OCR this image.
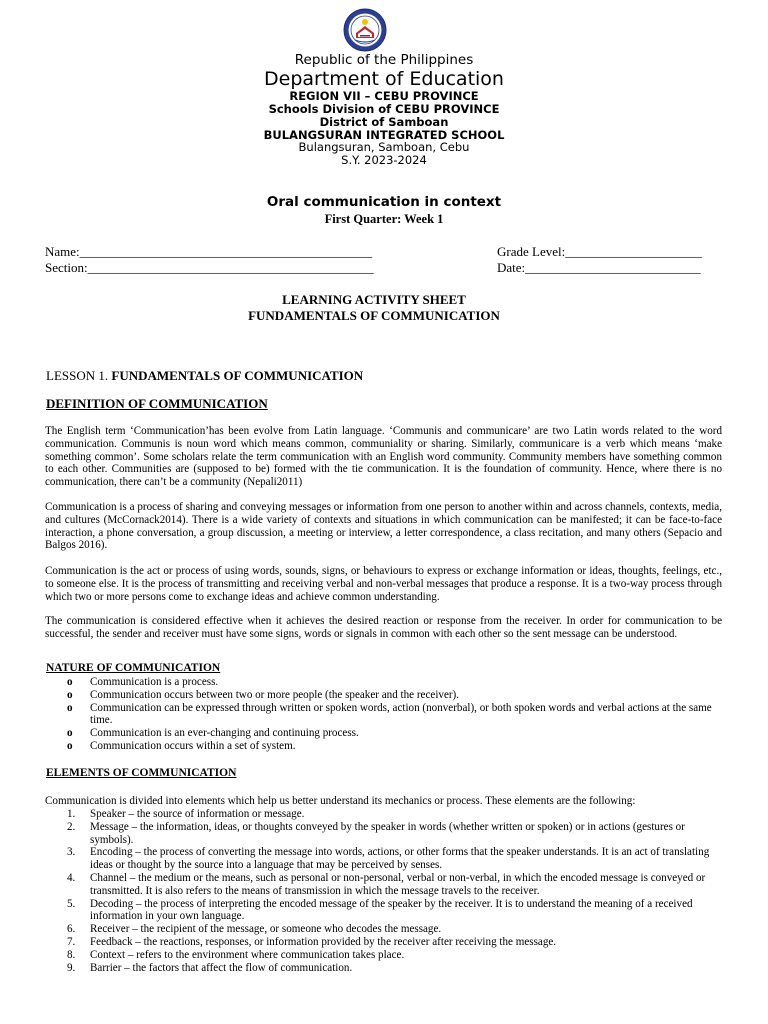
Republic of the Philippines
Department of Education
REGION VII – CEBU PROVINCE
Schools Division of CEBU PROVINCE
District of Samboan
BULANGSURAN INTEGRATED SCHOOL
Bulangsuran, Samboan, Cebu
S.Y. 2023-2024
Oral communication in context
First Quarter: Week 1
Name:_____________________________________________
Section:____________________________________________
Grade Level:_____________________
Date:___________________________
LEARNING ACTIVITY SHEET
FUNDAMENTALS OF COMMUNICATION
LESSON 1. FUNDAMENTALS OF COMMUNICATION
DEFINITION OF COMMUNICATION

The English term ‘Communication’has been evolve from Latin language. ‘Communis and communicare’ are two Latin words related to the word communication. Communis is noun word which means common, communiality or sharing. Similarly, communicare is a verb which means ‘make something common’. Some scholars relate the term communication with an English word community. Community members have something common to each other. Communities are (supposed to be) formed with the tie communication. It is the foundation of community. Hence, where there is no communication, there can’t be a community (Nepali2011)

Communication is a process of sharing and conveying messages or information from one person to another within and across channels, contexts, media, and cultures (McCornack2014). There is a wide variety of contexts and situations in which communication can be manifested; it can be face-to-face interaction, a phone conversation, a group discussion, a meeting or interview, a letter correspondence, a class recitation, and many others (Sepacio and Balgos 2016).

Communication is the act or process of using words, sounds, signs, or behaviours to express or exchange information or ideas, thoughts, feelings, etc., to someone else. It is the process of transmitting and receiving verbal and non-verbal messages that produce a response. It is a two-way process through which two or more persons come to exchange ideas and achieve common understanding.

The communication is considered effective when it achieves the desired reaction or response from the receiver. In order for communication to be successful, the sender and receiver must have some signs, words or signals in common with each other so the sent message can be understood.

NATURE OF COMMUNICATION
o Communication is a process.
o Communication occurs between two or more people (the speaker and the receiver).
o Communication can be expressed through written or spoken words, action (nonverbal), or both spoken words and verbal actions at the same time.
o Communication is an ever-changing and continuing process.
o Communication occurs within a set of system.
ELEMENTS OF COMMUNICATION
Communication is divided into elements which help us better understand its mechanics or process. These elements are the following:
1. Speaker – the source of information or message.
2. Message – the information, ideas, or thoughts conveyed by the speaker in words (whether written or spoken) or in actions (gestures or symbols).
3. Encoding – the process of converting the message into words, actions, or other forms that the speaker understands. It is an act of translating ideas or thought by the source into a language that may be perceived by senses.
4. Channel – the medium or the means, such as personal or non-personal, verbal or non-verbal, in which the encoded message is conveyed or transmitted. It is also refers to the means of transmission in which the message travels to the receiver.
5. Decoding – the process of interpreting the encoded message of the speaker by the receiver. It is to understand the meaning of a received information in your own language.
6. Receiver – the recipient of the message, or someone who decodes the message.
7. Feedback – the reactions, responses, or information provided by the receiver after receiving the message.
8. Context – refers to the environment where communication takes place.
9. Barrier – the factors that affect the flow of communication.
